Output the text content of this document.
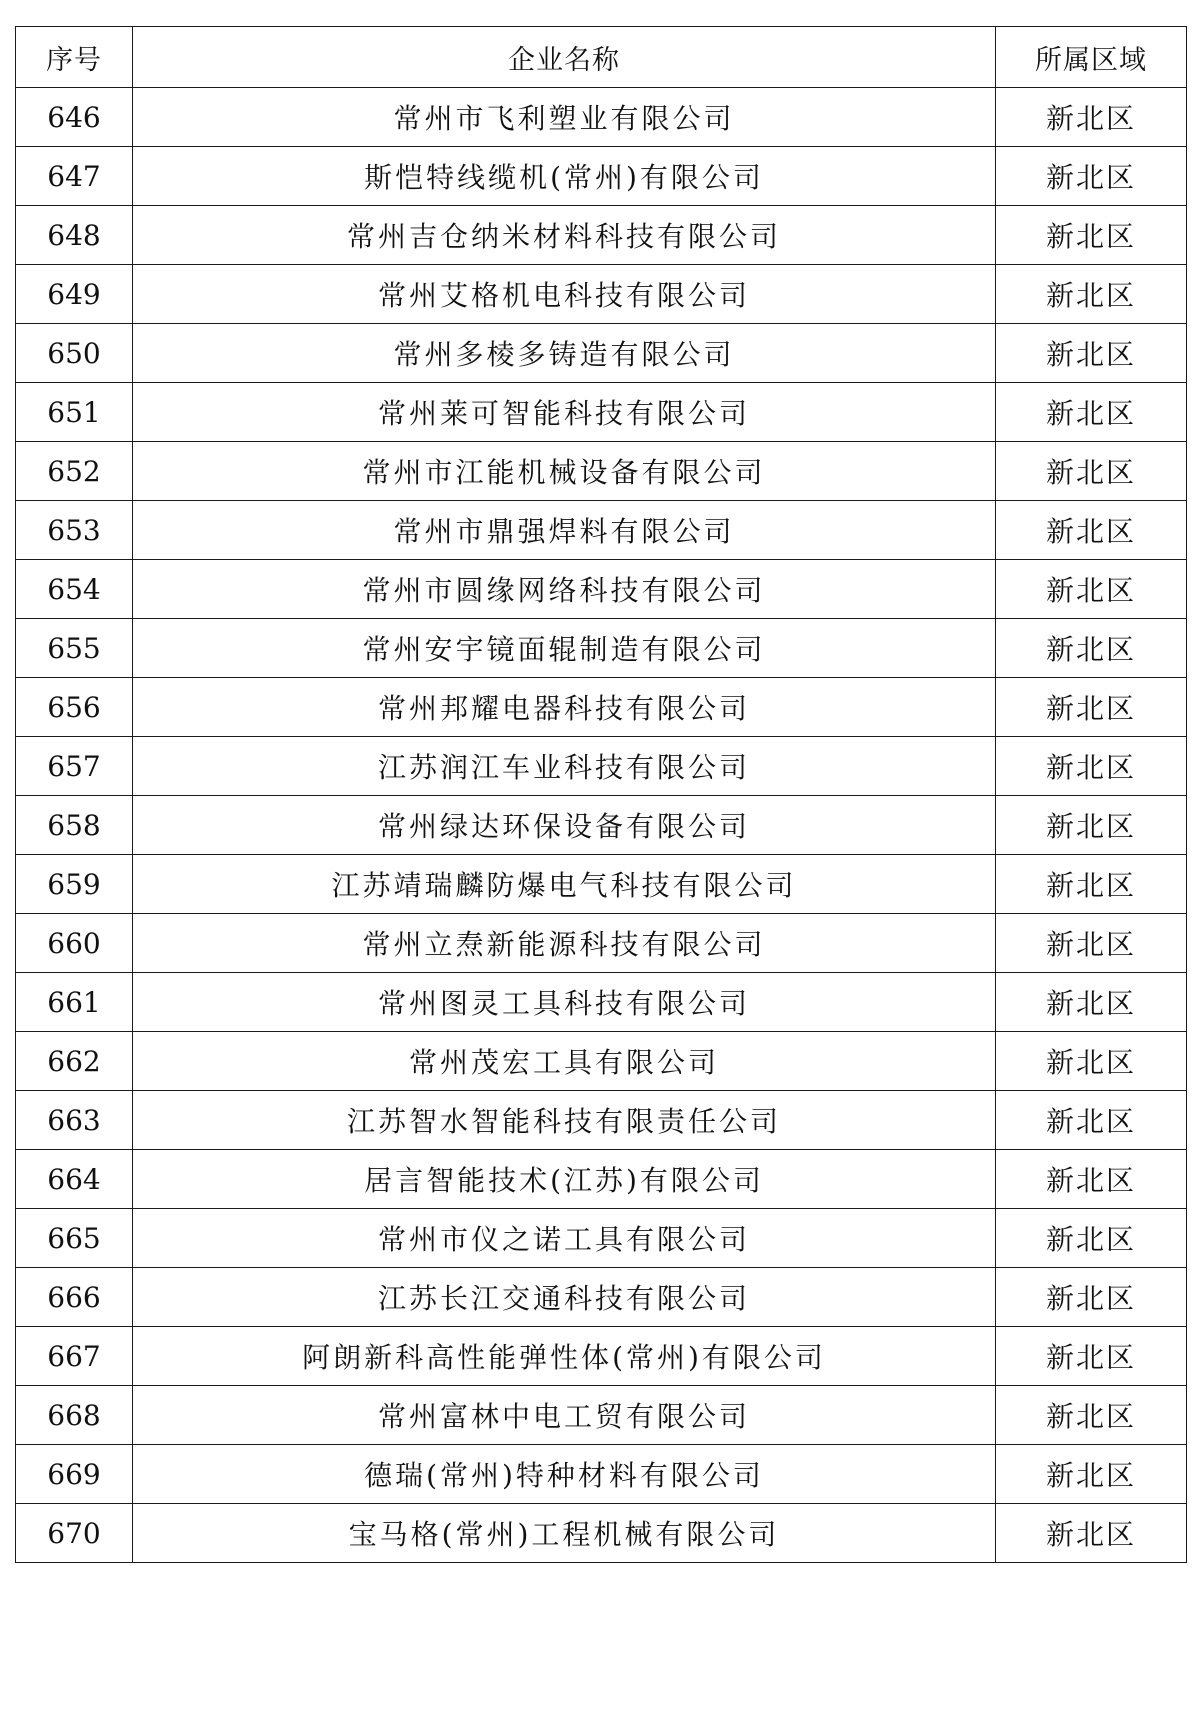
序号	企业名称	所属区域
646	常州市飞利塑业有限公司	新北区
647	斯恺特线缆机(常州)有限公司	新北区
648	常州吉仓纳米材料科技有限公司	新北区
649	常州艾格机电科技有限公司	新北区
650	常州多棱多铸造有限公司	新北区
651	常州莱可智能科技有限公司	新北区
652	常州市江能机械设备有限公司	新北区
653	常州市鼎强焊料有限公司	新北区
654	常州市圆缘网络科技有限公司	新北区
655	常州安宇镜面辊制造有限公司	新北区
656	常州邦耀电器科技有限公司	新北区
657	江苏润江车业科技有限公司	新北区
658	常州绿达环保设备有限公司	新北区
659	江苏靖瑞麟防爆电气科技有限公司	新北区
660	常州立焘新能源科技有限公司	新北区
661	常州图灵工具科技有限公司	新北区
662	常州茂宏工具有限公司	新北区
663	江苏智水智能科技有限责任公司	新北区
664	居言智能技术(江苏)有限公司	新北区
665	常州市仪之诺工具有限公司	新北区
666	江苏长江交通科技有限公司	新北区
667	阿朗新科高性能弹性体(常州)有限公司	新北区
668	常州富林中电工贸有限公司	新北区
669	德瑞(常州)特种材料有限公司	新北区
670	宝马格(常州)工程机械有限公司	新北区
